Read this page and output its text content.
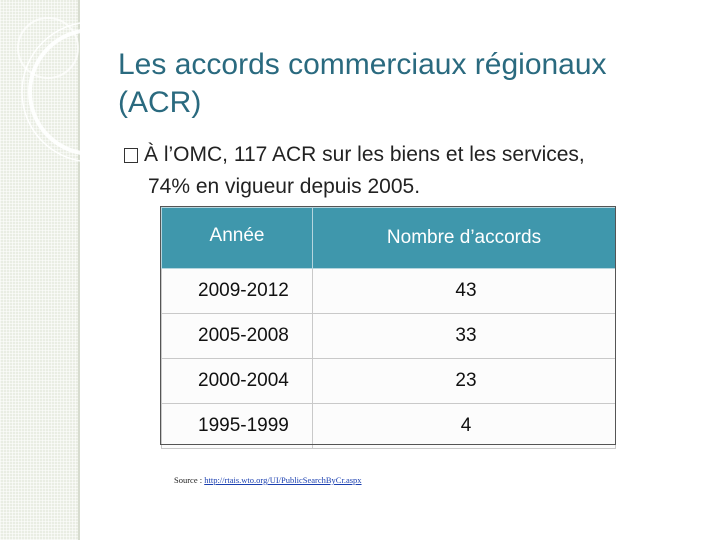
Les accords commerciaux régionaux (ACR)
À l’OMC, 117 ACR sur les biens et les services,
74% en vigueur depuis 2005.
Année	Nombre d’accords
2009-2012	43
2005-2008	33
2000-2004	23
1995-1999	4
Source : http://rtais.wto.org/UI/PublicSearchByCr.aspx
